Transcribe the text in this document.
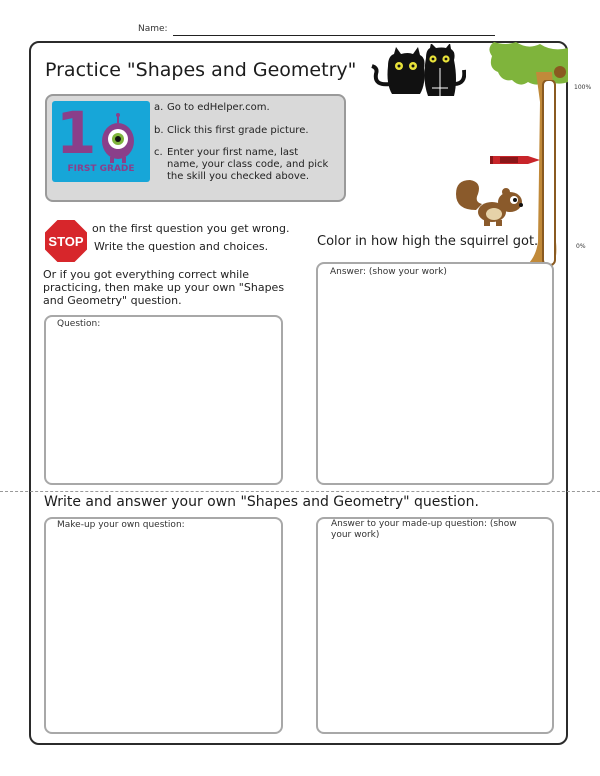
Name:
Practice "Shapes and Geometry"
100%
0%
1
FIRST GRADE
a. Go to edHelper.com.
b. Click this first grade picture.
c. Enter your first name, last name, your class code, and pick the skill you checked above.
STOP
on the first question you get wrong.
Write the question and choices.
Or if you got everything correct while practicing, then make up your own "Shapes and Geometry" question.
Color in how high the squirrel got.
Question:
Answer: (show your work)
Write and answer your own "Shapes and Geometry" question.
Make-up your own question:	Answer to your made-up question: (show your work)
